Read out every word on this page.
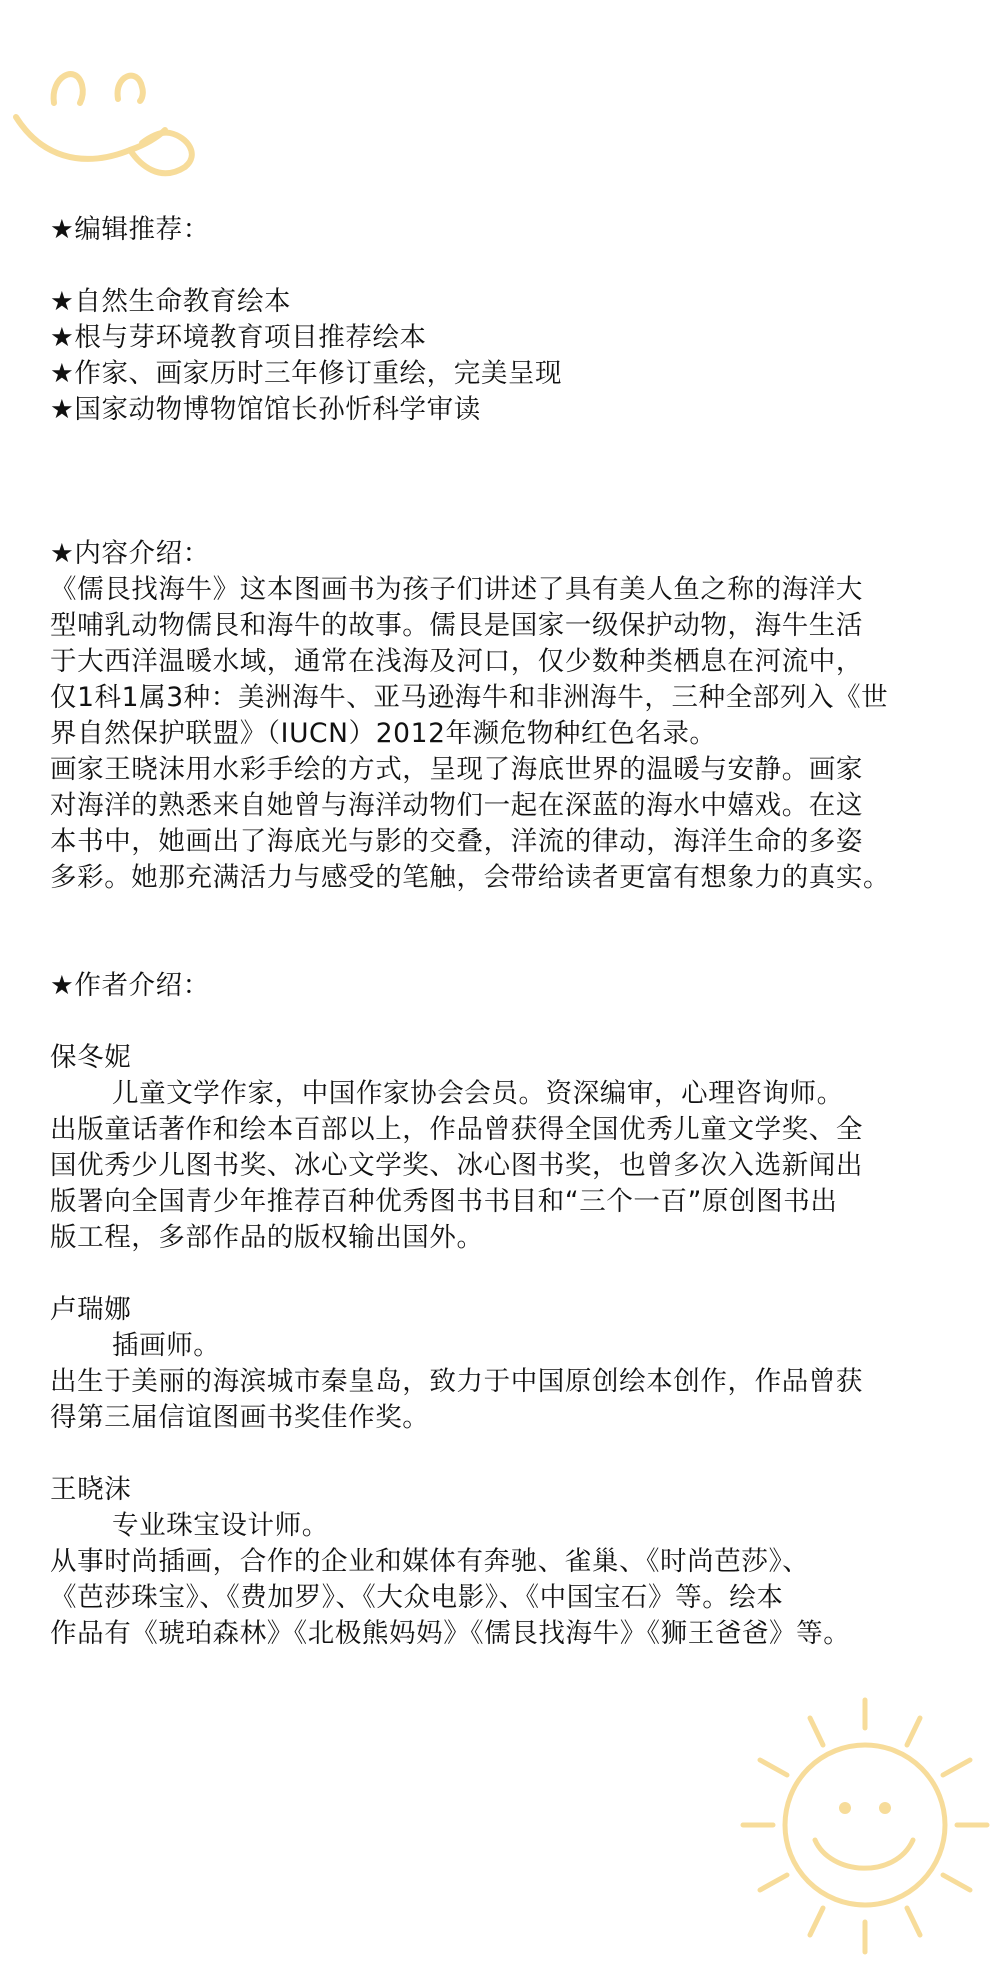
★编辑推荐：

★自然生命教育绘本

★根与芽环境教育项目推荐绘本

★作家、画家历时三年修订重绘，完美呈现

★国家动物博物馆馆长孙忻科学审读

★内容介绍：

《儒艮找海牛》这本图画书为孩子们讲述了具有美人鱼之称的海洋大

型哺乳动物儒艮和海牛的故事。儒艮是国家一级保护动物，海牛生活

于大西洋温暖水域，通常在浅海及河口，仅少数种类栖息在河流中，

仅1科1属3种：美洲海牛、亚马逊海牛和非洲海牛，三种全部列入《世

界自然保护联盟》（IUCN）2012年濒危物种红色名录。

画家王晓沫用水彩手绘的方式，呈现了海底世界的温暖与安静。画家

对海洋的熟悉来自她曾与海洋动物们一起在深蓝的海水中嬉戏。在这

本书中，她画出了海底光与影的交叠，洋流的律动，海洋生命的多姿

多彩。她那充满活力与感受的笔触，会带给读者更富有想象力的真实。

★作者介绍：

保冬妮

儿童文学作家，中国作家协会会员。资深编审，心理咨询师。

出版童话著作和绘本百部以上，作品曾获得全国优秀儿童文学奖、全

国优秀少儿图书奖、冰心文学奖、冰心图书奖，也曾多次入选新闻出

版署向全国青少年推荐百种优秀图书书目和“三个一百”原创图书出

版工程，多部作品的版权输出国外。

卢瑞娜

插画师。

出生于美丽的海滨城市秦皇岛，致力于中国原创绘本创作，作品曾获

得第三届信谊图画书奖佳作奖。

王晓沫

专业珠宝设计师。

从事时尚插画，合作的企业和媒体有奔驰、雀巢、《时尚芭莎》、

《芭莎珠宝》、《费加罗》、《大众电影》、《中国宝石》等。绘本

作品有《琥珀森林》《北极熊妈妈》《儒艮找海牛》《狮王爸爸》等。
